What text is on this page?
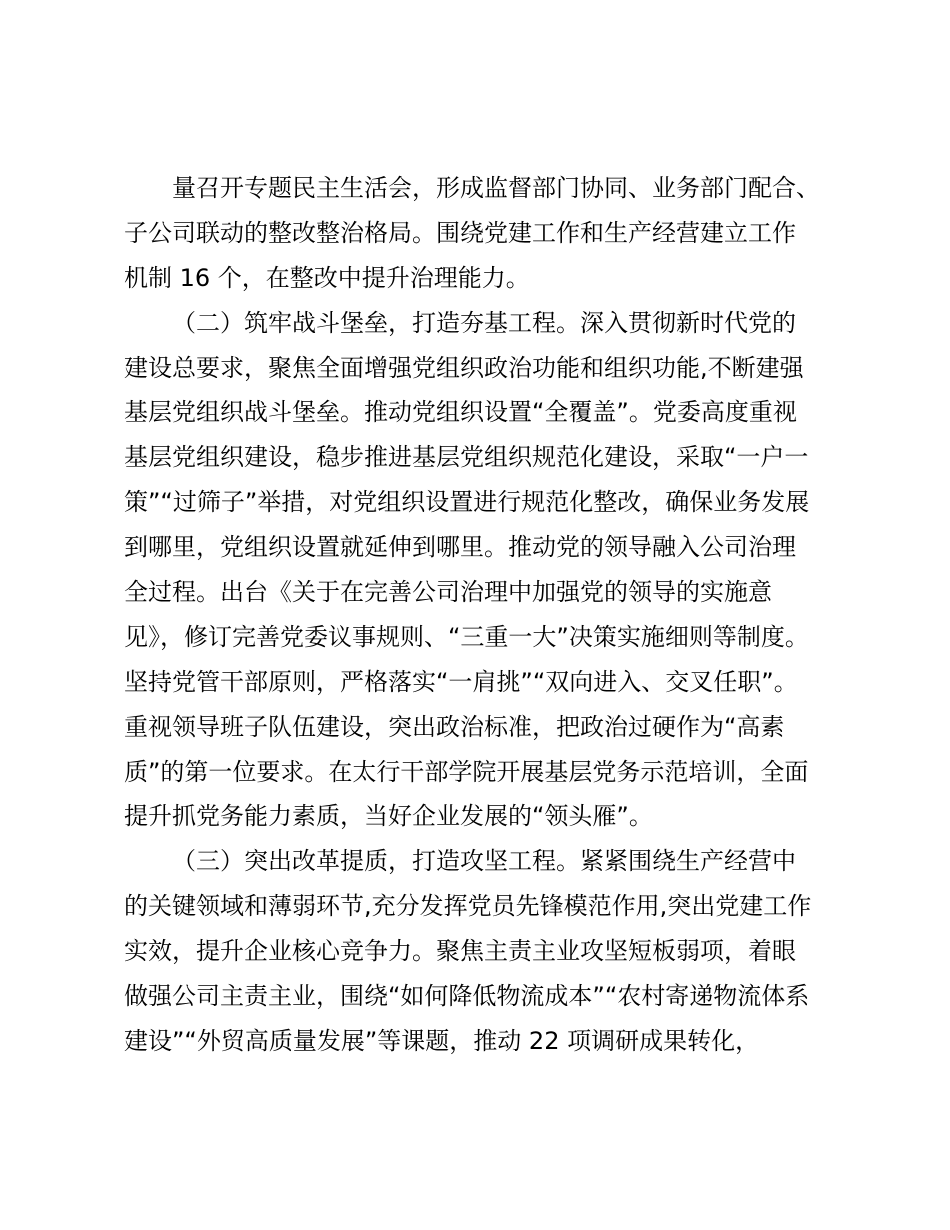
量召开专题民主生活会，形成监督部门协同、业务部门配合、
子公司联动的整改整治格局。围绕党建工作和生产经营建立工作
机制 16 个，在整改中提升治理能力。
（二）筑牢战斗堡垒，打造夯基工程。深入贯彻新时代党的
建设总要求，聚焦全面增强党组织政治功能和组织功能,不断建强
基层党组织战斗堡垒。推动党组织设置“全覆盖”。党委高度重视
基层党组织建设，稳步推进基层党组织规范化建设，采取“一户一
策”“过筛子”举措，对党组织设置进行规范化整改，确保业务发展
到哪里，党组织设置就延伸到哪里。推动党的领导融入公司治理
全过程。出台《关于在完善公司治理中加强党的领导的实施意
见》，修订完善党委议事规则、“三重一大”决策实施细则等制度。
坚持党管干部原则，严格落实“一肩挑”“双向进入、交叉任职”。
重视领导班子队伍建设，突出政治标准，把政治过硬作为“高素
质”的第一位要求。在太行干部学院开展基层党务示范培训，全面
提升抓党务能力素质，当好企业发展的“领头雁”。
（三）突出改革提质，打造攻坚工程。紧紧围绕生产经营中
的关键领域和薄弱环节,充分发挥党员先锋模范作用,突出党建工作
实效，提升企业核心竞争力。聚焦主责主业攻坚短板弱项，着眼
做强公司主责主业，围绕“如何降低物流成本”“农村寄递物流体系
建设”“外贸高质量发展”等课题，推动 22 项调研成果转化，
